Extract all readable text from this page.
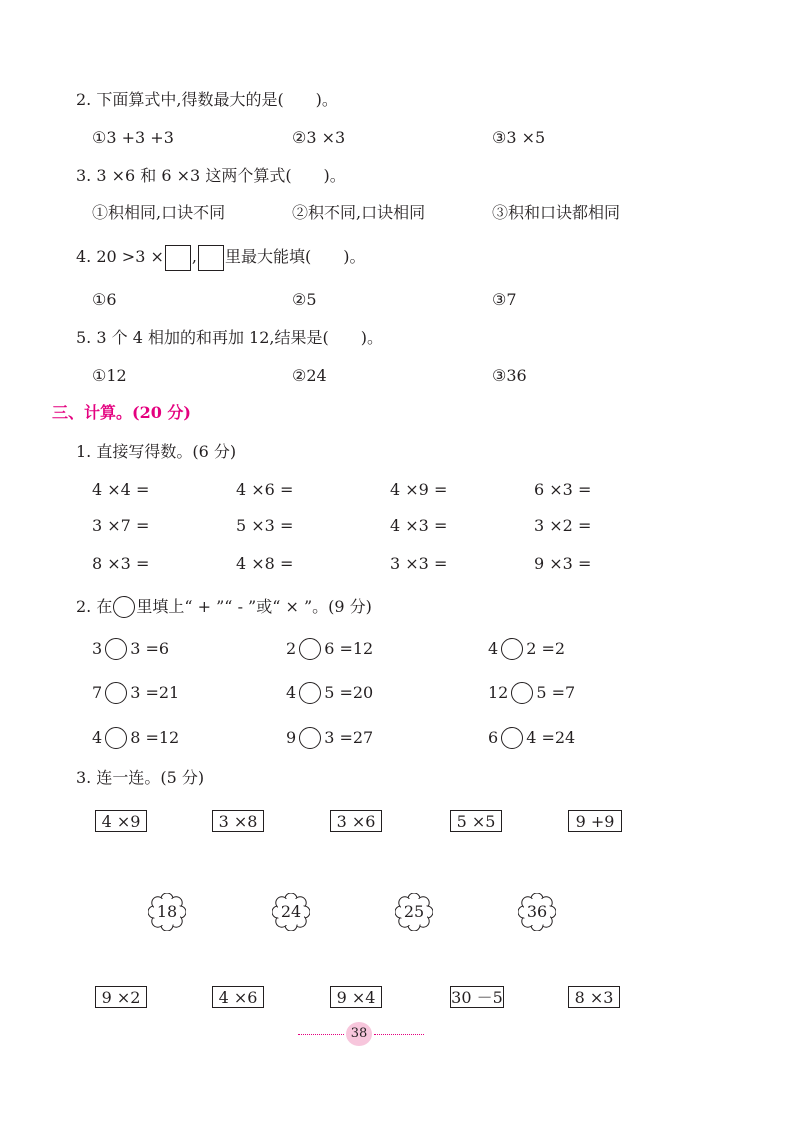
2. 下面算式中,得数最大的是(　　)。
①3 +3 +3	②3 ×3	③3 ×5
3. 3 ×6 和 6 ×3 这两个算式(　　)。
①积相同,口诀不同	②积不同,口诀相同	③积和口诀都相同
4. 20 >3 × , 里最大能填(　　)。
①6	②5	③7
5. 3 个 4 相加的和再加 12,结果是(　　)。
①12	②24	③36
三、计算。(20 分)
1. 直接写得数。(6 分)
4 ×4 =	4 ×6 =	4 ×9 =	6 ×3 =
3 ×7 =	5 ×3 =	4 ×3 =	3 ×2 =
8 ×3 =	4 ×8 =	3 ×3 =	9 ×3 =
2. 在 里填上“ + ”“ - ”或“ × ”。(9 分)
3 3 =6	2 6 =12	4 2 =2
7 3 =21	4 5 =20	12 5 =7
4 8 =12	9 3 =27	6 4 =24
3. 连一连。(5 分)
4 ×9	3 ×8	3 ×6	5 ×5	9 +9
18	24	25	36
9 ×2	4 ×6	9 ×4	30 －5	8 ×3
38
